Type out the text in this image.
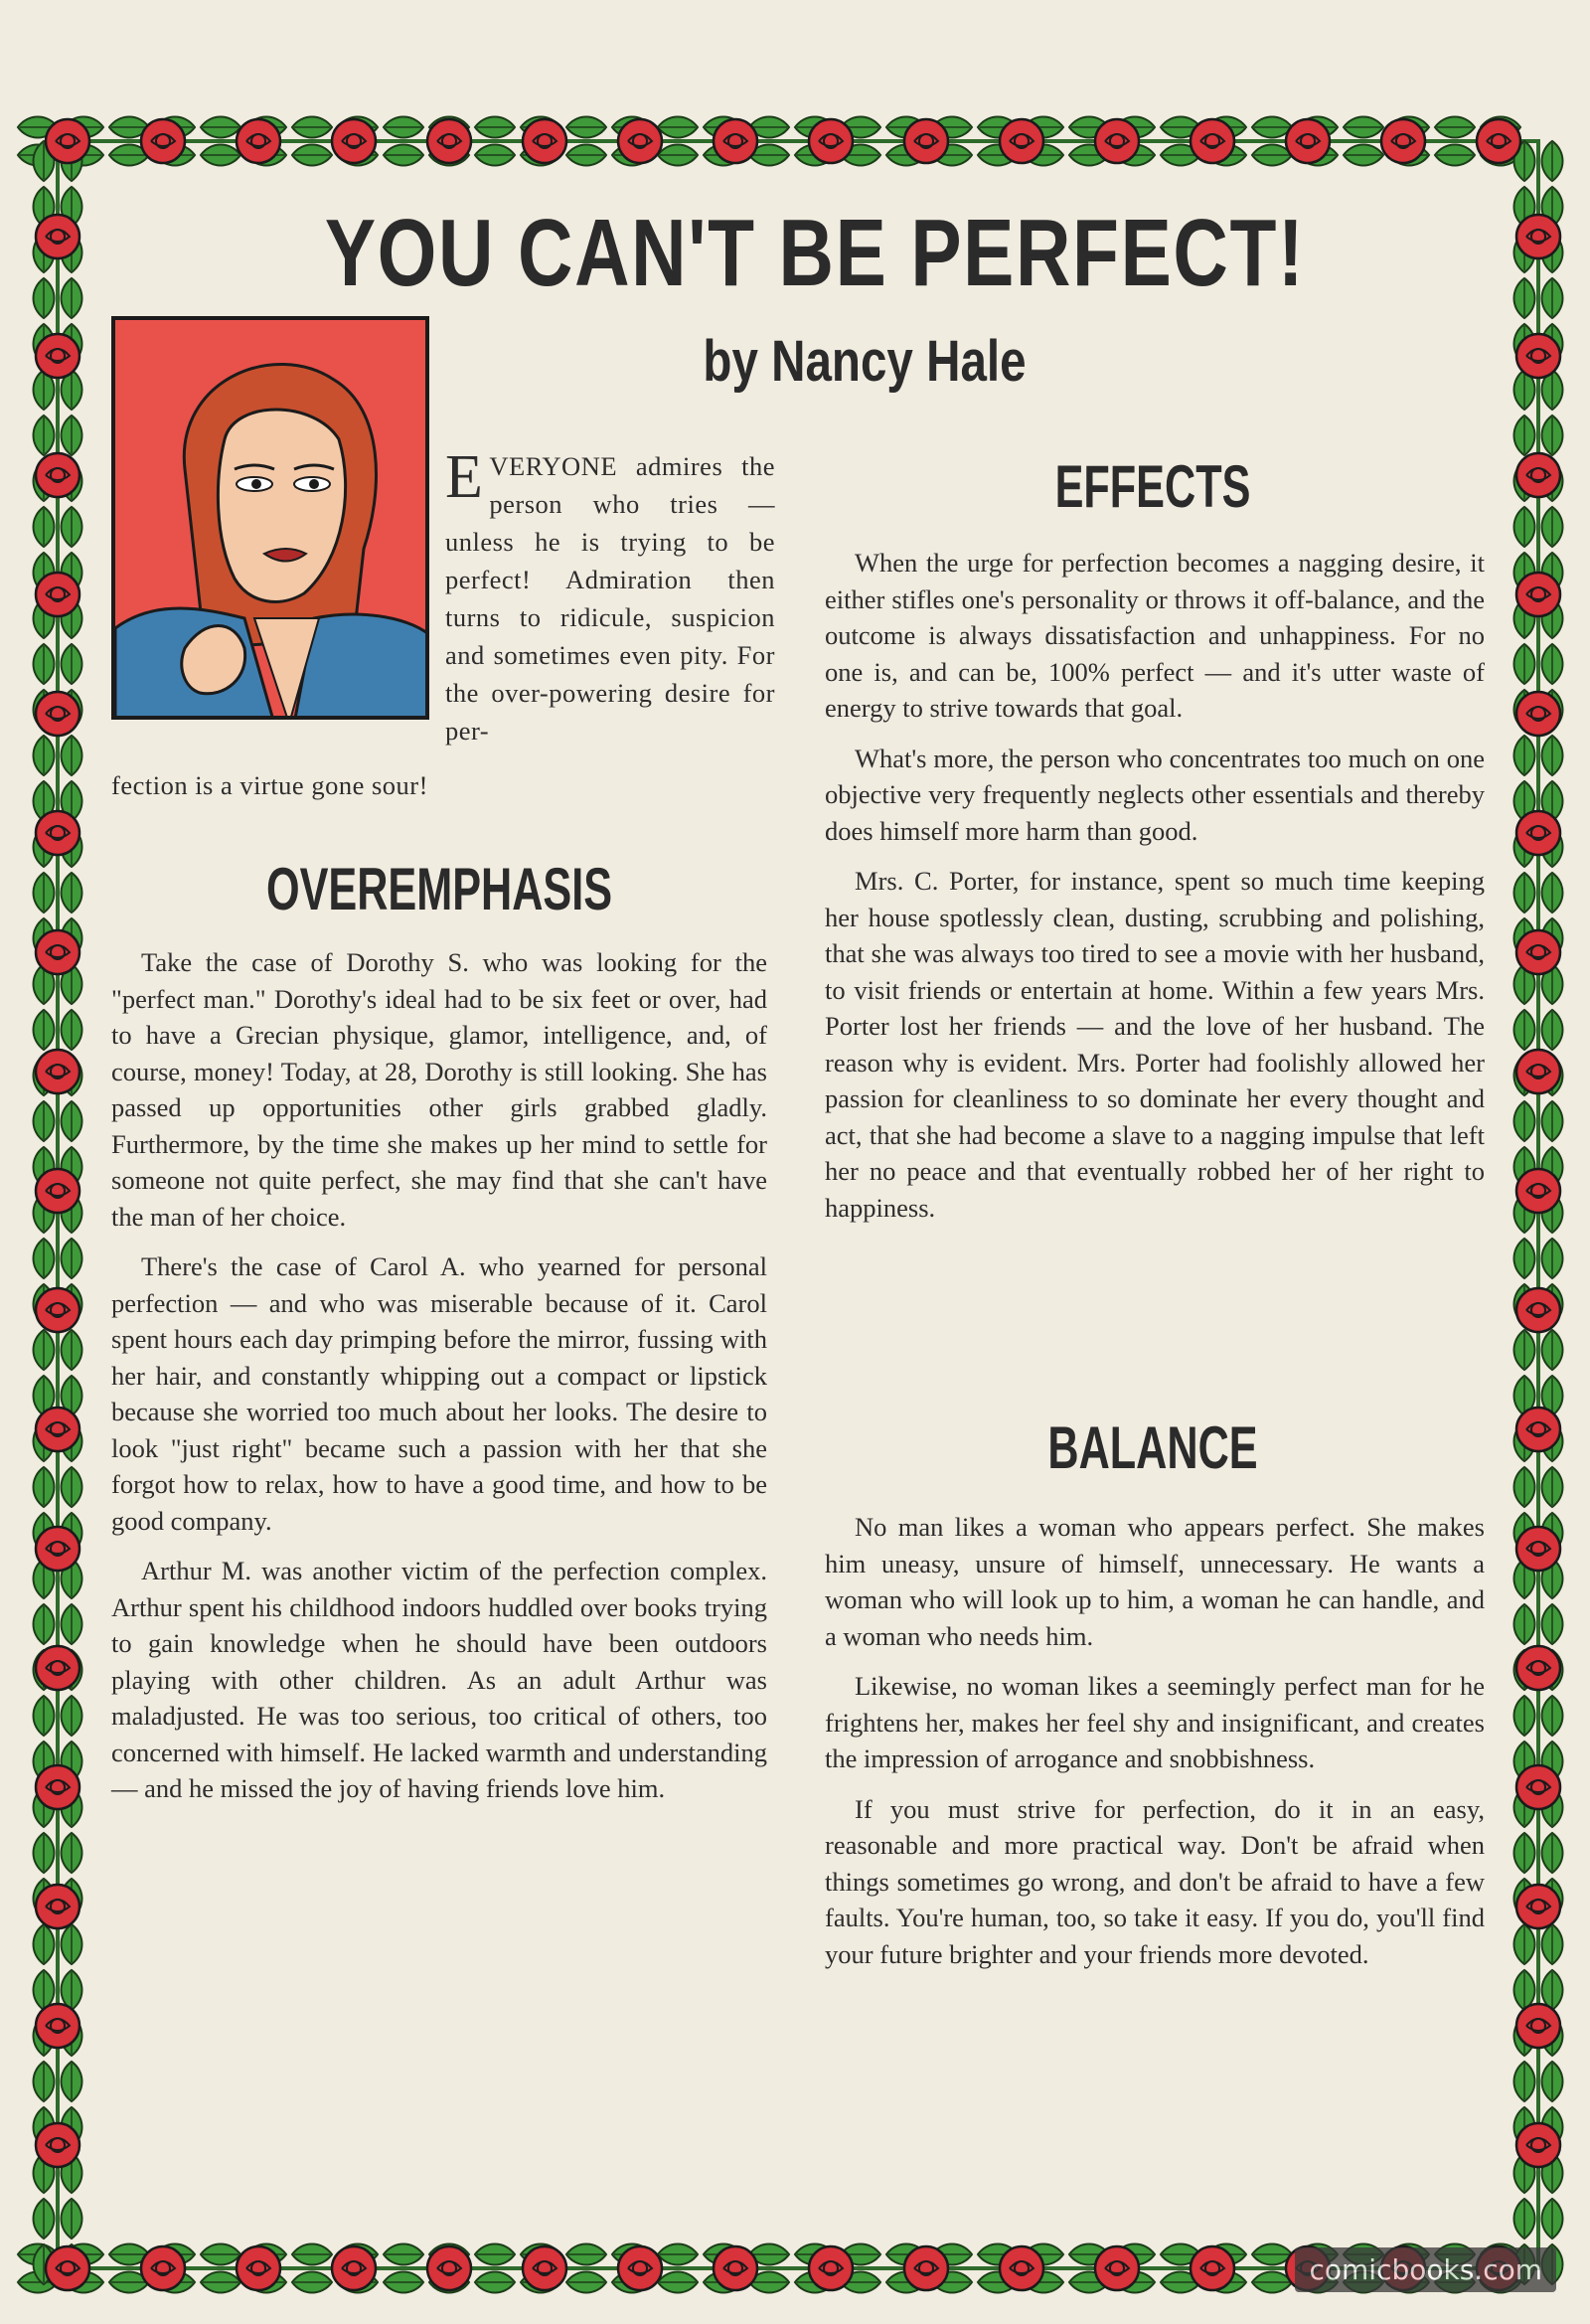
YOU CAN'T BE PERFECT!
by Nancy Hale
E VERYONE admires the person who tries — unless he is trying to be perfect! Admiration then turns to ridicule, suspicion and sometimes even pity. For the over-powering desire for per-
fection is a virtue gone sour!
OVEREMPHASIS

Take the case of Dorothy S. who was looking for the "perfect man." Dorothy's ideal had to be six feet or over, had to have a Grecian physique, glamor, intelligence, and, of course, money! Today, at 28, Dorothy is still looking. She has passed up opportunities other girls grabbed gladly. Furthermore, by the time she makes up her mind to settle for someone not quite perfect, she may find that she can't have the man of her choice.

There's the case of Carol A. who yearned for personal perfection — and who was miserable because of it. Carol spent hours each day primping before the mirror, fussing with her hair, and constantly whipping out a compact or lipstick because she worried too much about her looks. The desire to look "just right" became such a passion with her that she forgot how to relax, how to have a good time, and how to be good company.

Arthur M. was another victim of the perfection complex. Arthur spent his childhood indoors huddled over books trying to gain knowledge when he should have been outdoors playing with other children. As an adult Arthur was maladjusted. He was too serious, too critical of others, too concerned with himself. He lacked warmth and understanding — and he missed the joy of having friends love him.

EFFECTS

When the urge for perfection becomes a nagging desire, it either stifles one's personality or throws it off-balance, and the outcome is always dissatisfaction and unhappiness. For no one is, and can be, 100% perfect — and it's utter waste of energy to strive towards that goal.

What's more, the person who concentrates too much on one objective very frequently neglects other essentials and thereby does himself more harm than good.

Mrs. C. Porter, for instance, spent so much time keeping her house spotlessly clean, dusting, scrubbing and polishing, that she was always too tired to see a movie with her husband, to visit friends or entertain at home. Within a few years Mrs. Porter lost her friends — and the love of her husband. The reason why is evident. Mrs. Porter had foolishly allowed her passion for cleanliness to so dominate her every thought and act, that she had become a slave to a nagging impulse that left her no peace and that eventually robbed her of her right to happiness.

BALANCE

No man likes a woman who appears perfect. She makes him uneasy, unsure of himself, unnecessary. He wants a woman who will look up to him, a woman he can handle, and a woman who needs him.

Likewise, no woman likes a seemingly perfect man for he frightens her, makes her feel shy and insignificant, and creates the impression of arrogance and snobbishness.

If you must strive for perfection, do it in an easy, reasonable and more practical way. Don't be afraid when things sometimes go wrong, and don't be afraid to have a few faults. You're human, too, so take it easy. If you do, you'll find your future brighter and your friends more devoted.

comicbooks.com
